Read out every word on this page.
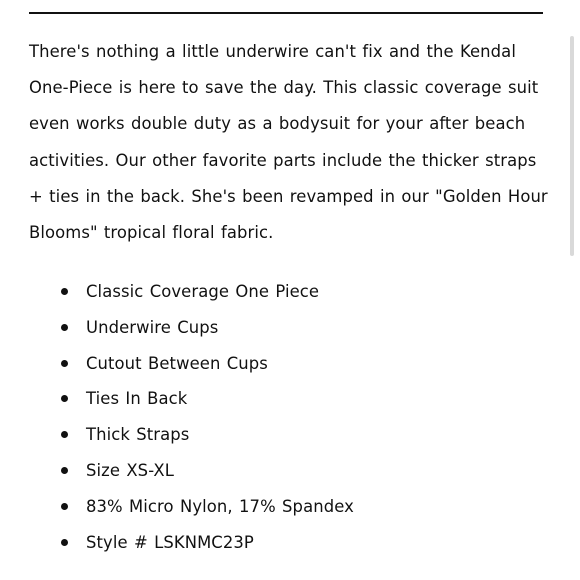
There's nothing a little underwire can't fix and the Kendal One-Piece is here to save the day. This classic coverage suit even works double duty as a bodysuit for your after beach activities. Our other favorite parts include the thicker straps + ties in the back. She's been revamped in our "Golden Hour Blooms" tropical floral fabric.

Classic Coverage One Piece
Underwire Cups
Cutout Between Cups
Ties In Back
Thick Straps
Size XS-XL
83% Micro Nylon, 17% Spandex
Style # LSKNMC23P
